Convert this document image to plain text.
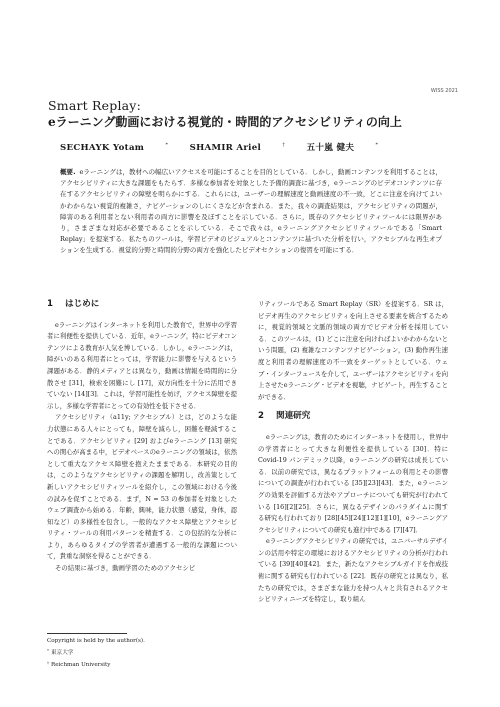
WISS 2021
Smart Replay:
eラーニング動画における視覚的・時間的アクセシビリティの向上
SECHAYK Yotam	* SHAMIR Ariel	† 五十嵐 健夫	*
概要. eラーニングは，教材への幅広いアクセスを可能にすることを目的としている．しかし，動画コンテンツを利用することは，アクセシビリティに大きな課題をもたらす．多様な参加者を対象とした予備的調査に基づき，eラーニングのビデオコンテンツに存在するアクセシビリティの障壁を明らかにする．これらには，ユーザーの理解速度と動画速度の不一致，どこに注意を向けてよいかわからない視覚的複雑さ，ナビゲーションのしにくさなどが含まれる．また，我々の調査結果は，アクセシビリティの問題が，障害のある利用者とない利用者の両方に影響を及ぼすことを示している．さらに，既存のアクセシビリティツールには限界があり，さまざまな対応が必要であることを示している．そこで我々は，eラーニングアクセシビリティツールである「Smart Replay」を提案する．私たちのツールは，学習ビデオのビジュアルとコンテンツに基づいた分析を行い，アクセシブルな再生オプションを生成する．視覚的分野と時間的分野の両方を強化したビデオセクションの復習を可能にする．
1 はじめに

eラーニングはインターネットを利用した教育で，世界中の学習者に利便性を提供している．近年，eラーニング，特にビデオコンテンツによる教育が人気を博している．しかし，eラーニングは，障がいのある利用者にとっては，学習能力に影響を与えるという課題がある．静的メディアとは異なり，動画は情報を時間的に分散させ [31]，検索を困難にし [17]，双方向性を十分に活用できていない [14][3]．これは，学習可能性を妨げ，アクセス障壁を提示し，多様な学習者にとっての有効性を低下させる．

アクセシビリティ（a11y; アクセシブル）とは，どのような能力状態にある人々にとっても，障壁を減らし，困難を軽減することである．アクセシビリティ [29] およびeラーニング [13] 研究への関心が高まる中，ビデオベースのeラーニングの領域は，依然として重大なアクセス障壁を抱えたままである．本研究の目的は，このようなアクセシビリティの課題を解明し，改善策として新しいアクセシビリティツールを紹介し，この領域における今後の試みを促すことである．まず，N = 53 の参加者を対象としたウェブ調査から始める．年齢，興味，能力状態（感覚，身体，認知など）の多様性を包含し，一般的なアクセス障壁とアクセシビリティ・ツールの利用パターンを精査する．この包括的な分析により，あらゆるタイプの学習者が遭遇する一般的な課題について，貴重な洞察を得ることができる．

その結果に基づき，動画学習のためのアクセシビ

Copyright is held by the author(s).
* 東京大学
† Reichman University

リティツールである Smart Replay（SR）を提案する．SR は，ビデオ再生のアクセシビリティを向上させる要素を統合するために，視覚的領域と文脈的領域の両方でビデオ分析を採用している．このツールは，(1) どこに注意を向ければよいかわからないという問題，(2) 複雑なコンテンツナビゲーション，(3) 動作再生速度と利用者の理解速度の不一致をターゲットとしている．ウェブ・インターフェースを介して，ユーザーはアクセシビリティを向上させたeラーニング・ビデオを視聴，ナビゲート，再生することができる．

2 関連研究

eラーニングは，教育のためにインターネットを使用し，世界中の学習者にとって大きな利便性を提供している [30]．特に Covid-19 パンデミック以降，eラーニングの研究は成長している．以前の研究では，異なるプラットフォームの利用とその影響についての調査が行われている [35][23][43]．また，eラーニングの効果を評価する方法やアプローチについても研究が行われている [16][2][25]．さらに，異なるデザインのパラダイムに関する研究も行われており [28][45][24][12][1][10]，eラーニングアクセシビリティについての研究も進行中である [7][47]．

eラーニングアクセシビリティの研究では，ユニバーサルデザインの活用や特定の環境におけるアクセシビリティの分析が行われている [39][40][42]．また，新たなアクセシブルガイドを作成技術に関する研究も行われている [22]．既存の研究とは異なり，私たちの研究では，さまざまな能力を持つ人々と共有されるアクセシビリティニーズを特定し，取り組ん
